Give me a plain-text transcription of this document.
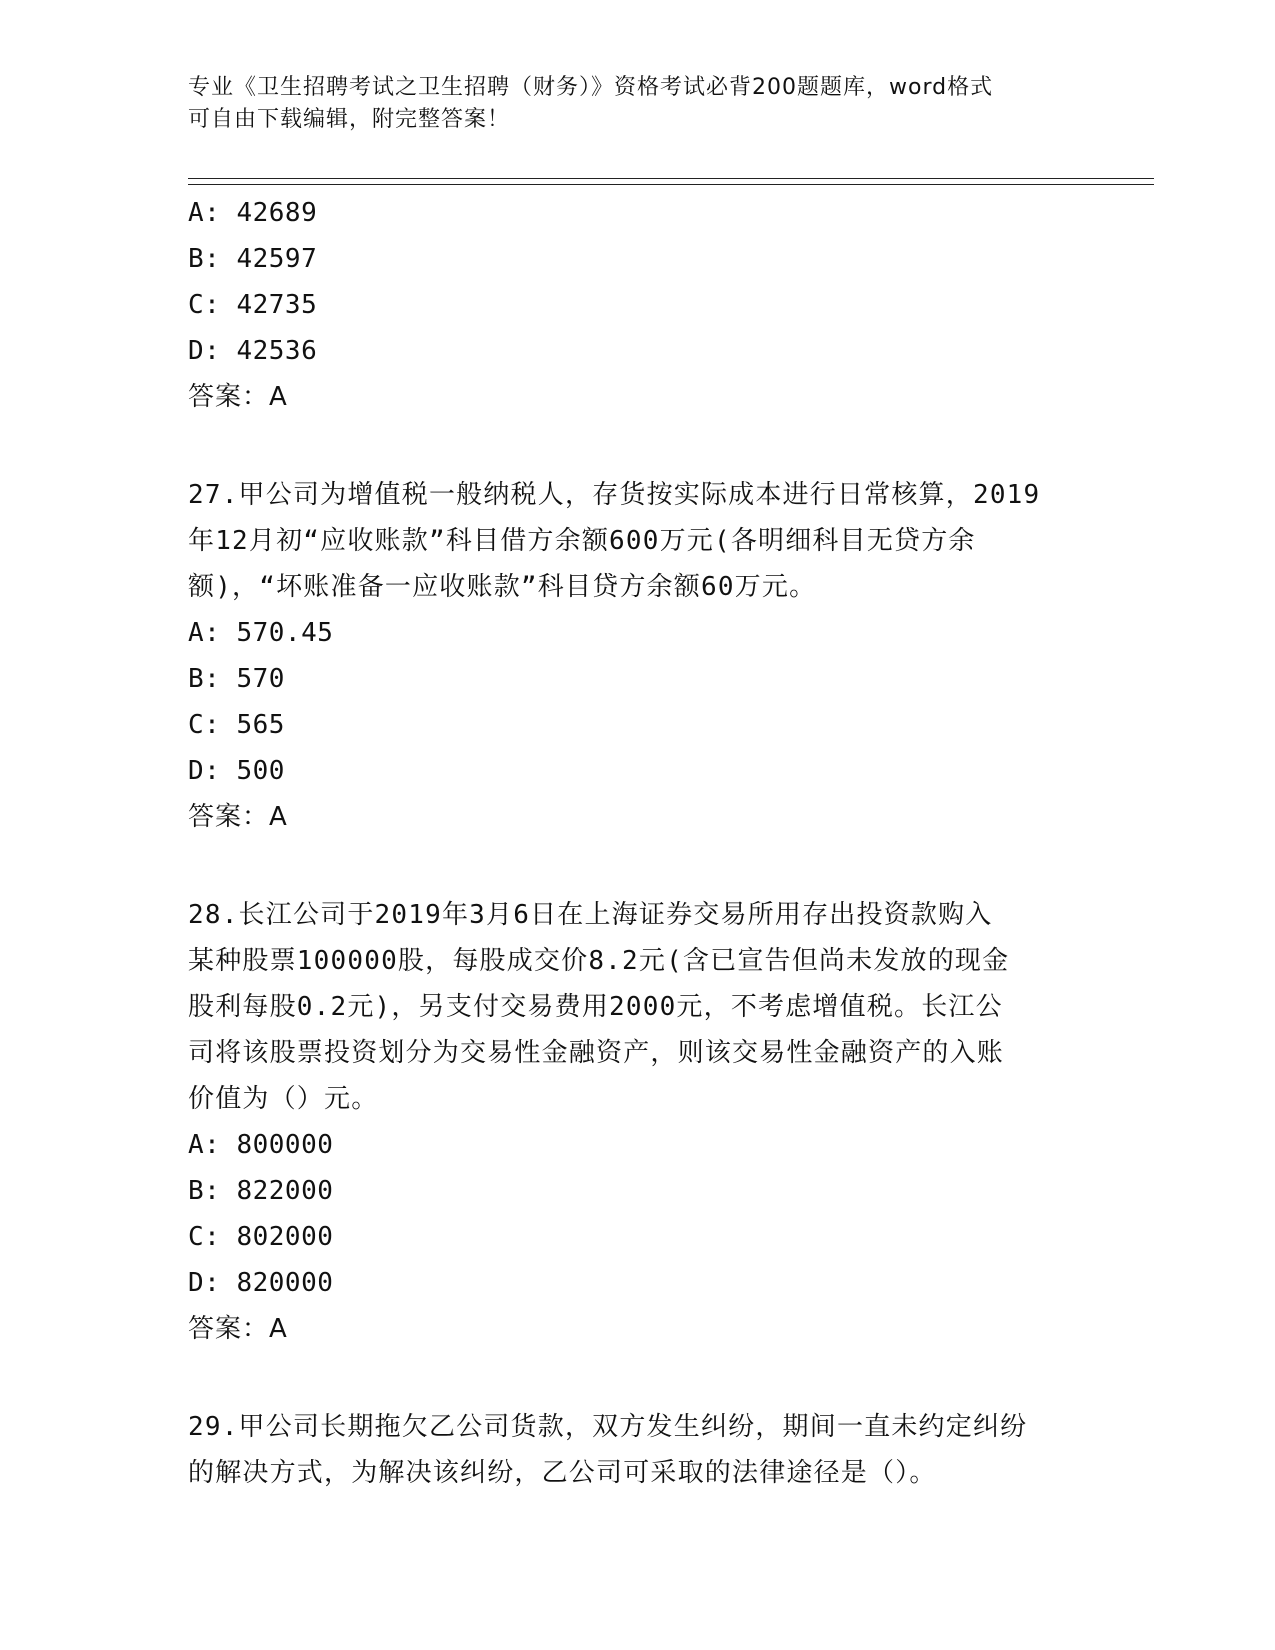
专业《卫生招聘考试之卫生招聘（财务）》资格考试必背200题题库，word格式
可自由下载编辑，附完整答案！
A: 42689
B: 42597
C: 42735
D: 42536
答案：A
27.甲公司为增值税一般纳税人，存货按实际成本进行日常核算，2019
年12月初“应收账款”科目借方余额600万元(各明细科目无贷方余
额)，“坏账准备一应收账款”科目贷方余额60万元。
A: 570.45
B: 570
C: 565
D: 500
答案：A
28.长江公司于2019年3月6日在上海证券交易所用存出投资款购入
某种股票100000股，每股成交价8.2元(含已宣告但尚未发放的现金
股利每股0.2元)，另支付交易费用2000元，不考虑增值税。长江公
司将该股票投资划分为交易性金融资产，则该交易性金融资产的入账
价值为（）元。
A: 800000
B: 822000
C: 802000
D: 820000
答案：A
29.甲公司长期拖欠乙公司货款，双方发生纠纷，期间一直未约定纠纷
的解决方式，为解决该纠纷，乙公司可采取的法律途径是（）。
